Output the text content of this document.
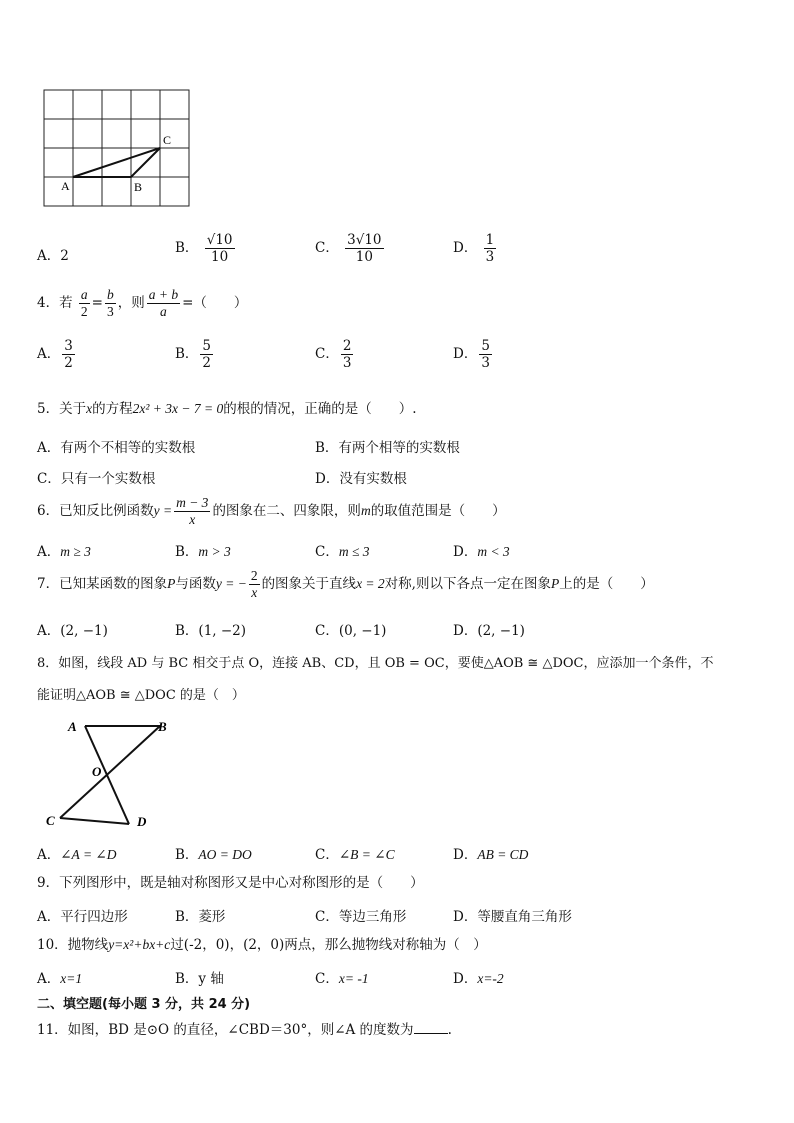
A	B
C
A．2	B． $\frac{√10}{10}$	C． $\frac{3√10}{10}$	D． $\frac{1}{3}$
4．若 $\frac{a}{2} = \frac{b}{3}$ ，则 $\frac{a + b}{a}$ =（　　）
A． $\frac{3}{2}$	B． $\frac{5}{2}$	C． $\frac{2}{3}$	D． $\frac{5}{3}$
5．关于x的方程2x² + 3x − 7 = 0的根的情况，正确的是（　　）.
A．有两个不相等的实数根	B．有两个相等的实数根
C．只有一个实数根	D．没有实数根
6．已知反比例函数$y = \frac{m - 3}{x}$ 的图象在二、四象限，则m的取值范围是（　　）
A．m ≥ 3	B．m > 3	C．m ≤ 3	D．m < 3
7．已知某函数的图象P与函数y = − $\frac{2}{x}$ 的图象关于直线x = 2对称,则以下各点一定在图象P上的是（　　）
A．(2, −1)	B．(1, −2)	C．(0, −1)	D．(2, −1)
8．如图，线段 AD 与 BC 相交于点 O，连接 AB、CD，且 OB = OC，要使△AOB ≅ △DOC，应添加一个条件，不
能证明△AOB ≅ △DOC 的是（　）
A	B
O
C	D
A．∠A = ∠D	B．AO = DO	C．∠B = ∠C	D．AB = CD
9．下列图形中，既是轴对称图形又是中心对称图形的是（　　）
A．平行四边形	B．菱形	C．等边三角形	D．等腰直角三角形
10．抛物线y=x²+bx+c过(-2，0)，(2，0)两点，那么抛物线对称轴为（　）
A．x=1	B．y 轴	C．x= -1	D．x=-2
二、填空题(每小题 3 分，共 24 分)
11．如图，BD 是⊙O 的直径，∠CBD＝30°，则∠A 的度数为	.
